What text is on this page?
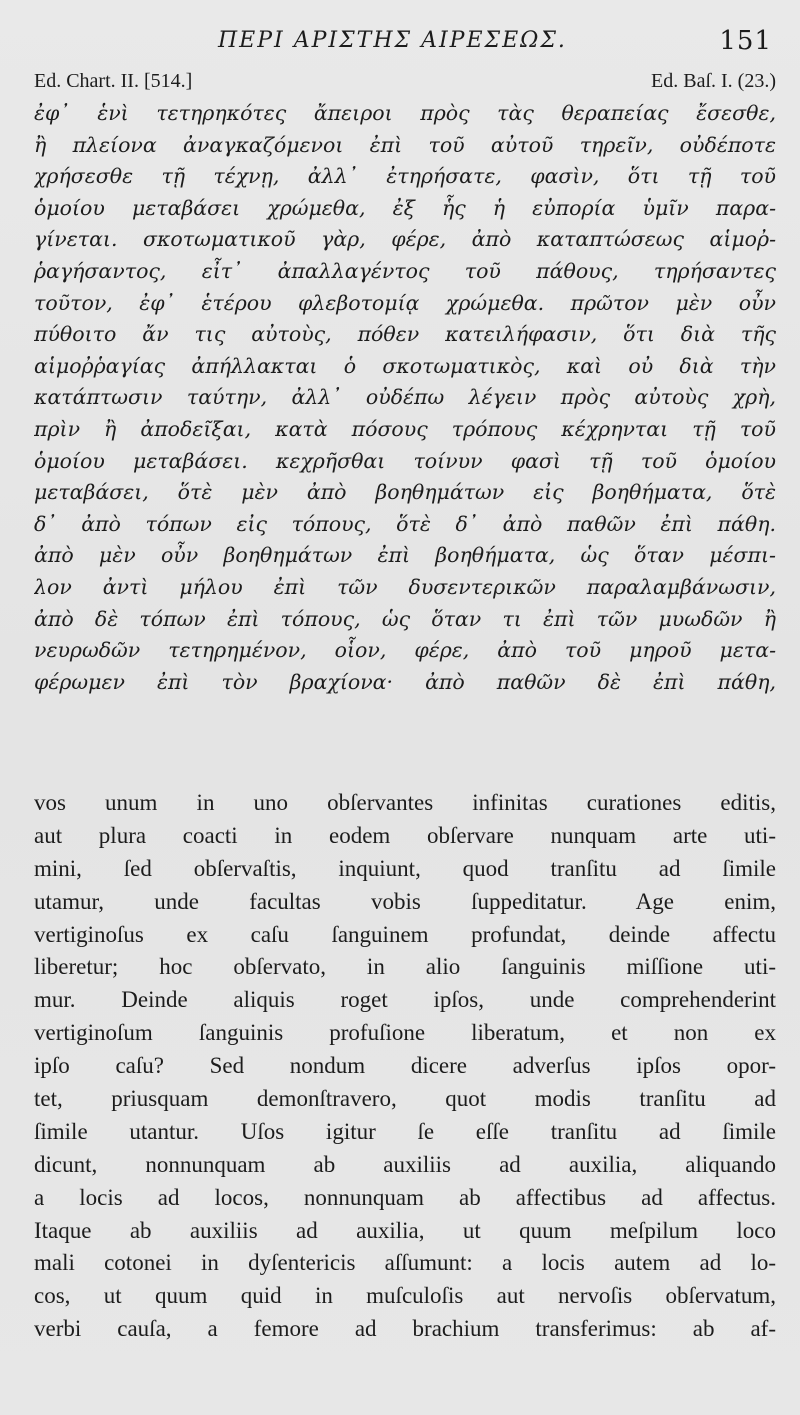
ΠΕΡΙ ΑΡΙΣΤΗΣ ΑΙΡΕΣΕΩΣ.	151
Ed. Chart. II. [514.]	Ed. Baſ. I. (23.)
ἐφ᾿ ἑνὶ τετηρηκότες ἄπειροι πρὸς τὰς θεραπείας ἔσεσθε,
ἢ πλείονα ἀναγκαζόμενοι ἐπὶ τοῦ αὐτοῦ τηρεῖν, οὐδέποτε
χρήσεσθε τῇ τέχνῃ, ἀλλ᾿ ἐτηρήσατε, φασὶν, ὅτι τῇ τοῦ
ὁμοίου μεταβάσει χρώμεθα, ἐξ ἧς ἡ εὐπορία ὑμῖν παρα-
γίνεται. σκοτωματικοῦ γὰρ, φέρε, ἀπὸ καταπτώσεως αἱμοῤ-
ῥαγήσαντος, εἶτ᾿ ἀπαλλαγέντος τοῦ πάθους, τηρήσαντες
τοῦτον, ἐφ᾿ ἑτέρου φλεβοτομίᾳ χρώμεθα. πρῶτον μὲν οὖν
πύθοιτο ἄν τις αὐτοὺς, πόθεν κατειλήφασιν, ὅτι διὰ τῆς
αἱμοῤῥαγίας ἀπήλλακται ὁ σκοτωματικὸς, καὶ οὐ διὰ τὴν
κατάπτωσιν ταύτην, ἀλλ᾿ οὐδέπω λέγειν πρὸς αὐτοὺς χρὴ,
πρὶν ἢ ἀποδεῖξαι, κατὰ πόσους τρόπους κέχρηνται τῇ τοῦ
ὁμοίου μεταβάσει. κεχρῆσθαι τοίνυν φασὶ τῇ τοῦ ὁμοίου
μεταβάσει, ὅτὲ μὲν ἀπὸ βοηθημάτων εἰς βοηθήματα, ὅτὲ
δ᾿ ἀπὸ τόπων εἰς τόπους, ὅτὲ δ᾿ ἀπὸ παθῶν ἐπὶ πάθη.
ἀπὸ μὲν οὖν βοηθημάτων ἐπὶ βοηθήματα, ὡς ὅταν μέσπι-
λον ἀντὶ μήλου ἐπὶ τῶν δυσεντερικῶν παραλαμβάνωσιν,
ἀπὸ δὲ τόπων ἐπὶ τόπους, ὡς ὅταν τι ἐπὶ τῶν μυωδῶν ἢ
νευρωδῶν τετηρημένον, οἷον, φέρε, ἀπὸ τοῦ μηροῦ μετα-
φέρωμεν ἐπὶ τὸν βραχίονα· ἀπὸ παθῶν δὲ ἐπὶ πάθη,
vos unum in uno obſervantes infinitas curationes editis,
aut plura coacti in eodem obſervare nunquam arte uti-
mini, ſed obſervaſtis, inquiunt, quod tranſitu ad ſimile
utamur, unde facultas vobis ſuppeditatur. Age enim,
vertiginoſus ex caſu ſanguinem profundat, deinde affectu
liberetur; hoc obſervato, in alio ſanguinis miſſione uti-
mur. Deinde aliquis roget ipſos, unde comprehenderint
vertiginoſum ſanguinis profuſione liberatum, et non ex
ipſo caſu? Sed nondum dicere adverſus ipſos opor-
tet, priusquam demonſtravero, quot modis tranſitu ad
ſimile utantur. Uſos igitur ſe eſſe tranſitu ad ſimile
dicunt, nonnunquam ab auxiliis ad auxilia, aliquando
a locis ad locos, nonnunquam ab affectibus ad affectus.
Itaque ab auxiliis ad auxilia, ut quum meſpilum loco
mali cotonei in dyſentericis aſſumunt: a locis autem ad lo-
cos, ut quum quid in muſculoſis aut nervoſis obſervatum,
verbi cauſa, a femore ad brachium transferimus: ab af-
